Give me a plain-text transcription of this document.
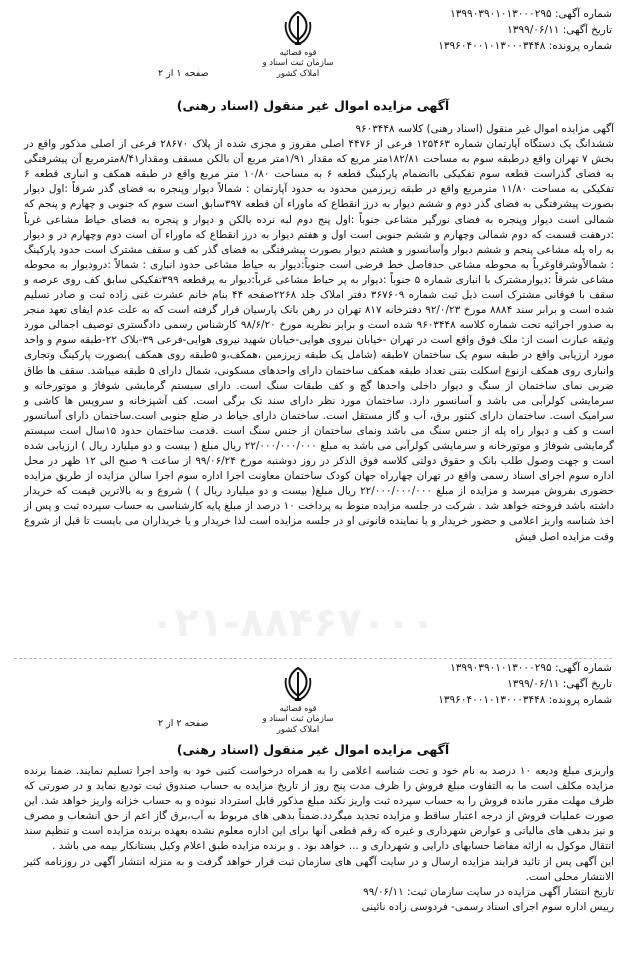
۰۲۱-۸۸۴۶۷۰۰۰
شماره آگهی: ۱۳۹۹۰۳۹۰۱۰۱۳۰۰۰۲۹۵
تاریخ آگهی: ۱۳۹۹/۰۶/۱۱
شماره پرونده: ۱۳۹۶۰۴۰۰۱۰۱۳۰۰۰۳۴۴۸
قوه قضائیه
سازمان ثبت اسناد و املاک کشور
صفحه ۱ از ۲
آگهی مزایده اموال غیر منقول (اسناد رهنی)

آگهی مزایده اموال غیر منقول (اسناد رهنی) کلاسه ۹۶۰۳۴۴۸

ششدانگ یک دستگاه آپارتمان شماره ۱۲۵۴۶۳ فرعی از ۴۴۷۶ اصلی مفروز و مجزی شده از پلاک ۲۸۶۷۰ فرعی از اصلی مذکور واقع در بخش ۷ تهران واقع درطبقه سوم به مساحت ۱۸۲/۸۱متر مربع که مقدار ۱/۹۱متر مربع آن بالکن مسقف ومقدار۸/۴۱مترمربع آن پیشرفتگی به فضای گذراست قطعه سوم تفکیکی باانضمام پارکینگ قطعه ۶ به مساحت ۱۰/۸۰ متر مربع واقع در طبقه همکف و انباری قطعه ۶ تفکیکی به مساحت ۱۱/۸۰ مترمربع واقع در طبقه زیرزمین محدود به حدود آپارتمان : شمالاً دیوار وپنجره به فضای گذر شرقاً :اول دیوار بصورت پیشرفتگی به فضای گذر دوم و ششم دیوار به درز انقطاع که ماوراء آن قطعه ۳۹۷سابق است سوم که جنوبی و چهارم و پنجم که شمالی است دیوار وپنجره به فضای نورگیر مشاعی جنوباً :اول پنج دوم لبه نرده بالکن و دیوار و پنجره به فضای حیاط مشاعی غرباً :درهفت قسمت که دوم شمالی وچهارم و ششم جنوبی است اول و هفتم دیوار به درز انقطاع که ماوراء آن است دوم وچهارم در و دیوار به راه پله مشاعی پنجم و ششم دیوار وآسانسور و هشتم دیوار بصورت پیشرفتگی به فضای گذر کف و سقف مشترک است حدود پارکینگ : شمالاًوشرقاوغرباً به محوطه مشاعی حدفاصل خط فرضی است جنوباً:دیوار به حیاط مشاعی حدود انباری : شمالاً :درودیوار به محوطه مشاعی شرقاً :دیوارمشترک با انباری شماره ۵ جنوباً :دیوار به پر حیاط مشاعی غرباً:دیوار به پرقطعه ۳۹۹تفکیکی سابق کف روی عرصه و سقف با فوقانی مشترک است ذیل ثبت شماره ۳۶۷۶۰۹ دفتر املاک جلد ۲۲۶۸صفحه ۴۴ بنام خانم عشرت غنی زاده ثبت و صادر تسلیم شده است و برابر سند ۸۸۸۴ مورخ ۹۲/۰/۲۳ دفترخانه ۸۱۷ تهران در رهن بانک پارسیان قرار گرفته است که به علت عدم ایفای تعهد منجر به صدور اجرائیه تحت شماره کلاسه ۹۶۰۳۴۴۸ شده است و برابر نظریه مورخ ۹۸/۶/۲۰ کارشناس رسمی دادگستری توصیف اجمالی مورد وثیقه عبارت است از: ملک فوق واقع است در تهران -خیابان نیروی هوایی-خیابان شهید نیروی هوایی-فرعی ۳۹-بلاک ۲۲-طبقه سوم و واحد مورد ارزیابی واقع در طبقه سوم یک ساختمان ۷طبقه (شامل یک طبقه زیرزمین ،همکف،و ۵طبقه روی همکف )بصورت پارکینگ وتجاری وانباری روی همکف ازنوع اسکلت بتنی تعداد طبقه همکف ساختمان دارای واحدهای مسکونی، شمال دارای ۵ طبقه میباشد. سقف ها طاق ضربی نمای ساختمان از سنگ و دیوار داخلی واحدها گچ و کف طبقات سنگ است. دارای سیستم گرمایشی شوفاژ و موتورخانه و سرمایشی کولرآبی می باشد و آسانسور دارد. ساختمان مورد نظر دارای سند تک برگی است. کف آشپزخانه و سرویس ها کاشی و سرامیک است. ساختمان دارای کنتور برق، آب و گاز مستقل است. ساختمان دارای حیاط در ضلع جنوبی است.ساختمان دارای آسانسور است و کف و دیوار راه پله از جنس سنگ می باشد ونمای ساختمان از جنس سنگ است .قدمت ساختمان حدود ۱۵سال است سیستم گرمایشی شوفاژ و موتورخانه و سرمایشی کولرآبی می باشد به مبلغ ۲۲/۰۰۰/۰۰۰/۰۰۰ ریال مبلغ ( بیست و دو میلیارد ریال ) ارزیابی شده است و جهت وصول طلب بانک و حقوق دولتی کلاسه فوق الذکر در روز دوشنبه مورخ ۹۹/۰۶/۲۴ از ساعت ۹ صبح الی ۱۲ ظهر در محل اداره سوم اجرای اسناد رسمی واقع در تهران چهارراه جهان کودک ساختمان معاونت اجرا اداره سوم اجرا سالن مزایده از طریق مزایده حضوری بفروش میرسد و مزایده از مبلغ ۲۲/۰۰۰/۰۰۰/۰۰۰ ریال مبلغ( بیست و دو میلیارد ریال ) ) شروع و به بالاترین قیمت که خریدار داشته باشد فروخته خواهد شد . شرکت در جلسه مزایده منوط به پرداخت ۱۰ درصد از مبلغ پایه کارشناسی به حساب سپرده ثبت و پس از اخذ شناسه واریز اعلامی و حضور خریدار و یا نماینده قانونی او در جلسه مزایده است لذا خریدار و یا خریداران می بایست تا قبل از شروع وقت مزایده اصل فیش

شماره آگهی: ۱۳۹۹۰۳۹۰۱۰۱۳۰۰۰۲۹۵
تاریخ آگهی: ۱۳۹۹/۰۶/۱۱
شماره پرونده: ۱۳۹۶۰۴۰۰۱۰۱۳۰۰۰۳۴۴۸
قوه قضائیه
سازمان ثبت اسناد و املاک کشور
صفحه ۲ از ۲
آگهی مزایده اموال غیر منقول (اسناد رهنی)

واریزی مبلغ ودیعه ۱۰ درصد به نام خود و تحت شناسه اعلامی را به همراه درخواست کتبی خود به واحد اجرا تسلیم نمایند. ضمنا برنده مزایده مکلف است ما به التفاوت مبلغ فروش را ظرف مدت پنج روز از تاریخ مزایده به حساب صندوق ثبت تودیع نماید و در صورتی که ظرف مهلت مقرر مانده فروش را به حساب سپرده ثبت واریز نکند مبلغ مذکور قابل استرداد نبوده و به حساب خزانه واریز خواهد شد. این صورت عملیات فروش از درجه اعتبار ساقط و مزایده تجدید میگردد.ضمناً بدهی های مربوط به آب،برق گاز اعم از حق انشعاب و مصرف و نیز بدهی های مالیاتی و عوارض شهرداری و غیره که رقم قطعی آنها برای این اداره معلوم نشده بعهده برنده مزایده است و تنظیم سند انتقال موکول به ارائه مفاصا حسابهای دارایی و شهرداری و ... خواهد بود . و برنده مزایده طبق اعلام وکیل بستانکار بیمه می باشد .

این آگهی پس از تائید فرایند مزایده ارسال و در سایت آگهی های سازمان ثبت قرار خواهد گرفت و به منزله انتشار آگهی در روزنامه کثیر الانتشار محلی است.

تاریخ انتشار آگهی مزایده در سایت سازمان ثبت: ۹۹/۰۶/۱۱

رییس اداره سوم اجرای اسناد رسمی- فردوسی زاده نائینی
